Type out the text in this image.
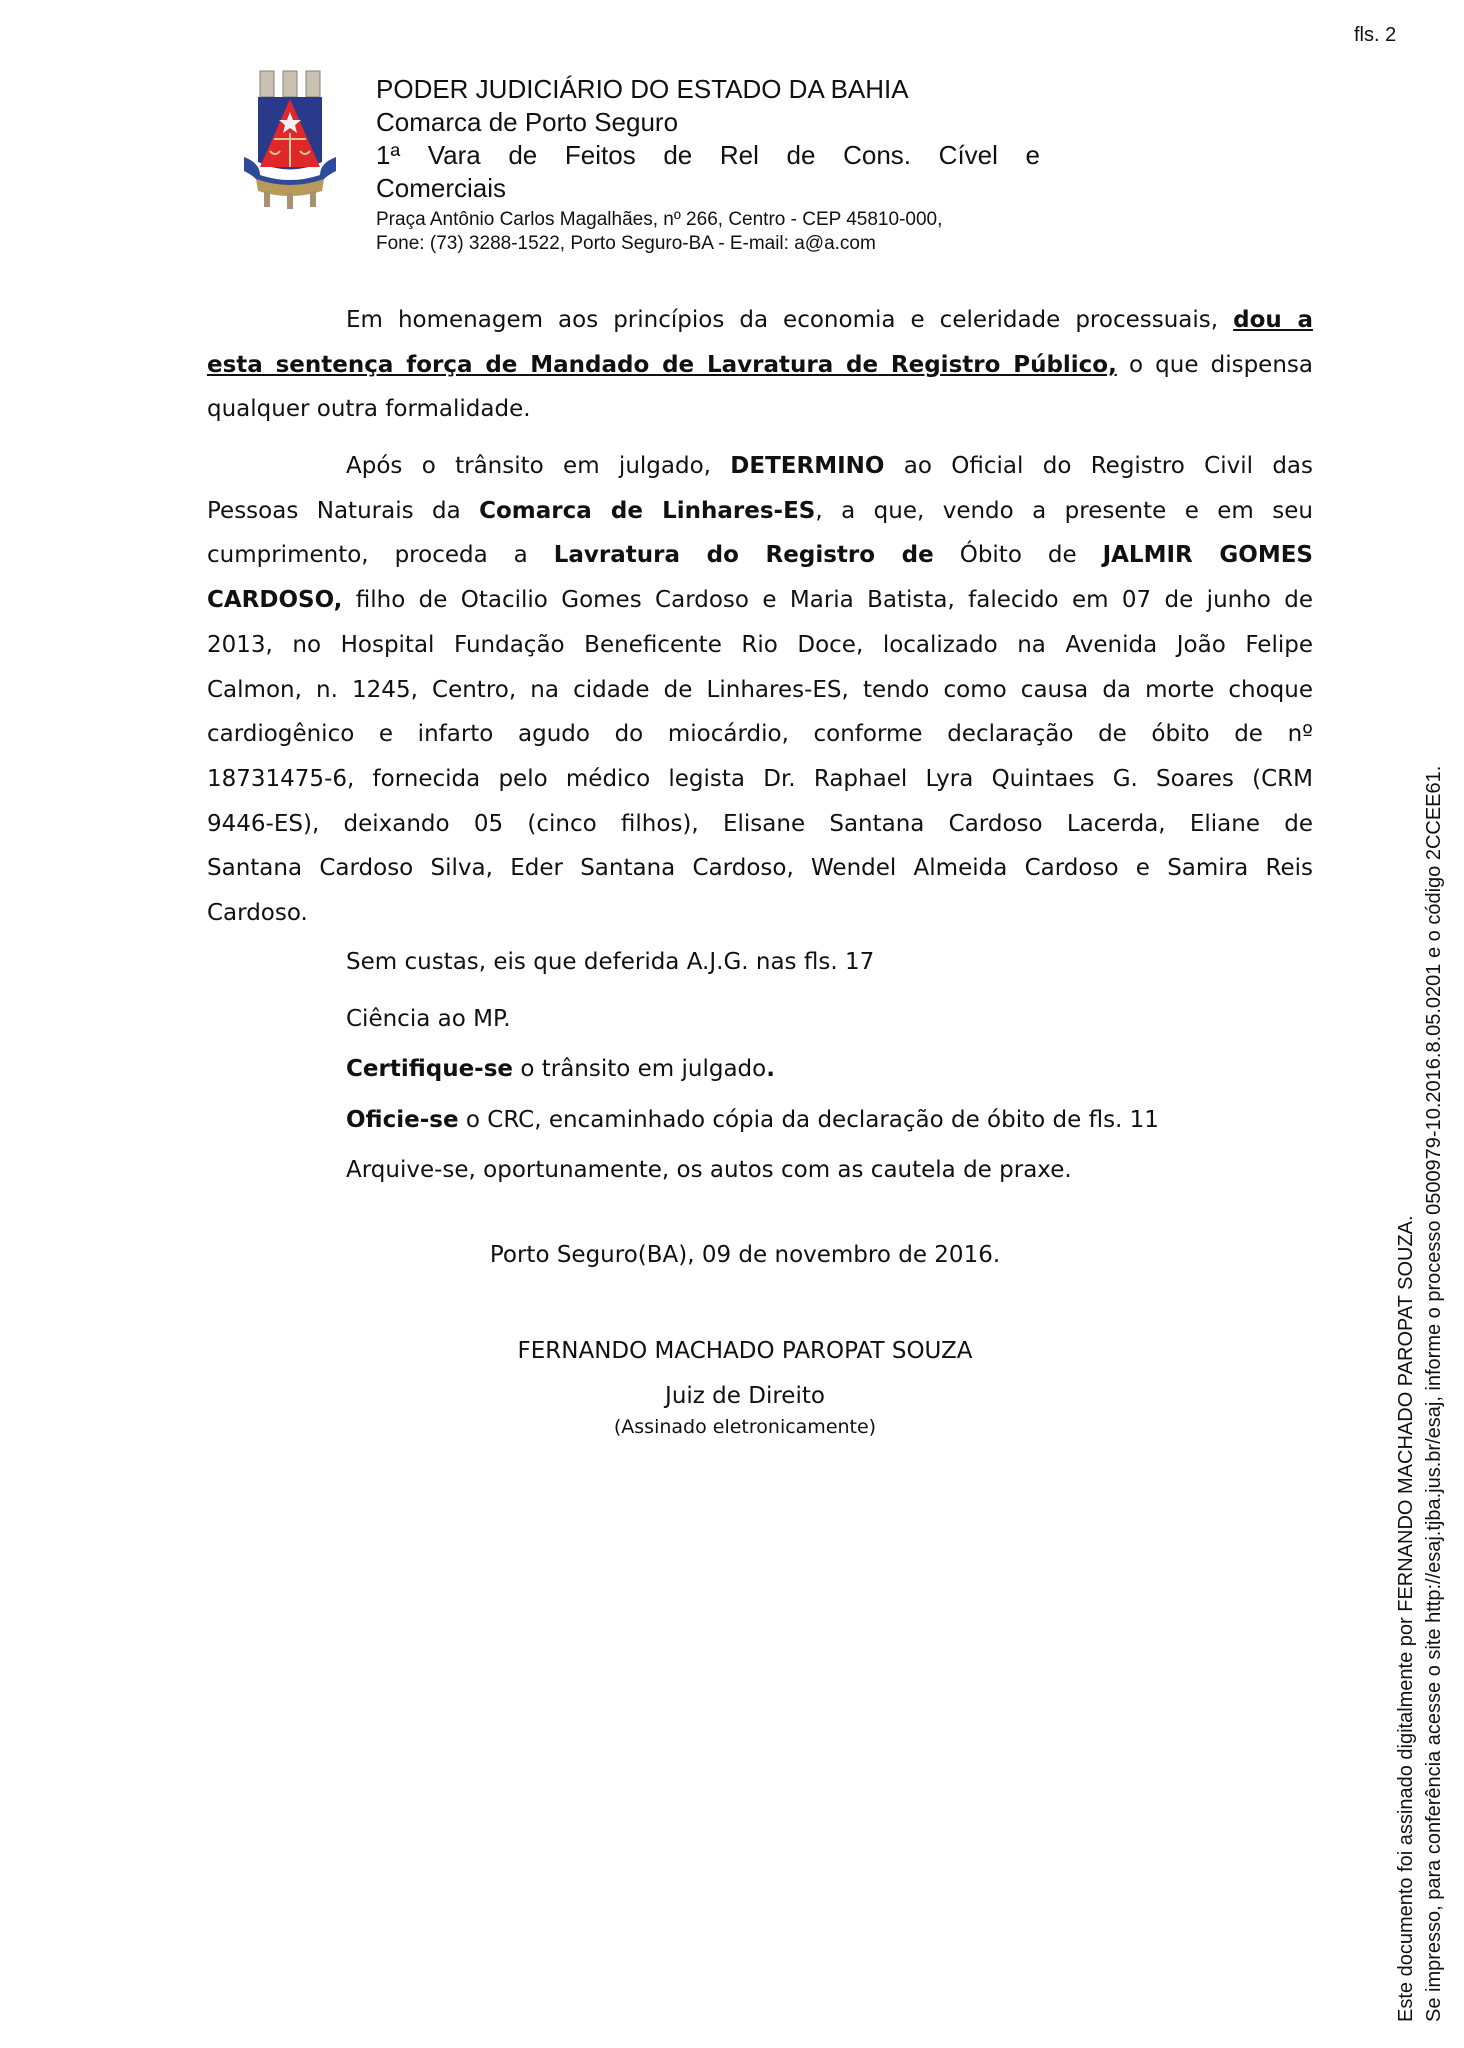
fls. 2
PODER JUDICIÁRIO DO ESTADO DA BAHIA
Comarca de Porto Seguro
1ª Vara de Feitos de Rel de Cons. Cível e
Comerciais
Praça Antônio Carlos Magalhães, nº 266, Centro - CEP 45810-000,
Fone: (73) 3288-1522, Porto Seguro-BA - E-mail: a@a.com
Em homenagem aos princípios da economia e celeridade processuais, dou a
esta sentença força de Mandado de Lavratura de Registro Público, o que dispensa
qualquer outra formalidade.
Após o trânsito em julgado, DETERMINO ao Oficial do Registro Civil das
Pessoas Naturais da Comarca de Linhares-ES, a que, vendo a presente e em seu
cumprimento, proceda a Lavratura do Registro de Óbito de JALMIR GOMES
CARDOSO, filho de Otacilio Gomes Cardoso e Maria Batista, falecido em 07 de junho de
2013, no Hospital Fundação Beneficente Rio Doce, localizado na Avenida João Felipe
Calmon, n. 1245, Centro, na cidade de Linhares-ES, tendo como causa da morte choque
cardiogênico e infarto agudo do miocárdio, conforme declaração de óbito de nº
18731475-6, fornecida pelo médico legista Dr. Raphael Lyra Quintaes G. Soares (CRM
9446-ES), deixando 05 (cinco filhos), Elisane Santana Cardoso Lacerda, Eliane de
Santana Cardoso Silva, Eder Santana Cardoso, Wendel Almeida Cardoso e Samira Reis
Cardoso.
Sem custas, eis que deferida A.J.G. nas fls. 17
Ciência ao MP.
Certifique-se o trânsito em julgado.
Oficie-se o CRC, encaminhado cópia da declaração de óbito de fls. 11
Arquive-se, oportunamente, os autos com as cautela de praxe.
Porto Seguro(BA), 09 de novembro de 2016.
FERNANDO MACHADO PAROPAT SOUZA
Juiz de Direito
(Assinado eletronicamente)	Este documento foi assinado digitalmente por FERNANDO MACHADO PAROPAT SOUZA. Se impresso, para conferência acesse o site http://esaj.tjba.jus.br/esaj, informe o processo 0500979-10.2016.8.05.0201 e o código 2CCEE61.
